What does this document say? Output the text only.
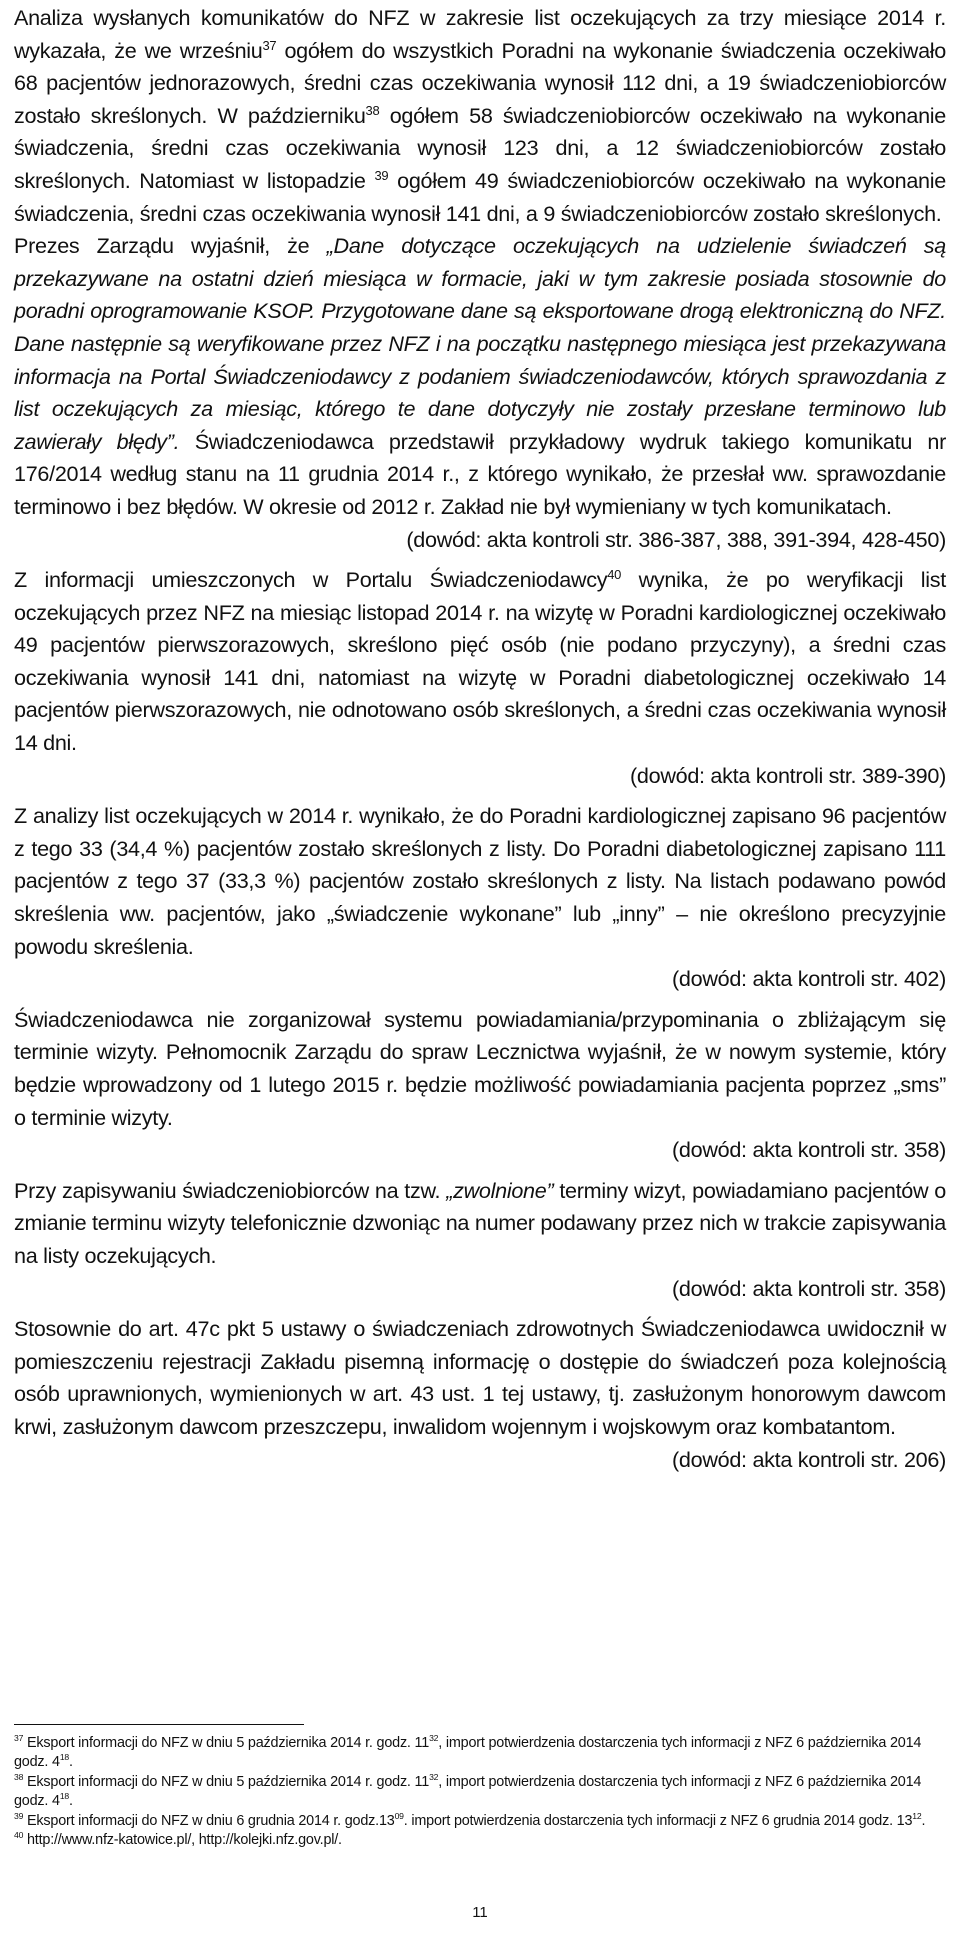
Analiza wysłanych komunikatów do NFZ w zakresie list oczekujących za trzy miesiące 2014 r. wykazała, że we wrześniu$^{37}$ ogółem do wszystkich Poradni na wykonanie świadczenia oczekiwało 68 pacjentów jednorazowych, średni czas oczekiwania wynosił 112 dni, a 19 świadczeniobiorców zostało skreślonych. W październiku$^{38}$ ogółem 58 świadczeniobiorców oczekiwało na wykonanie świadczenia, średni czas oczekiwania wynosił 123 dni, a 12 świadczeniobiorców zostało skreślonych. Natomiast w listopadzie $^{39}$ ogółem 49 świadczeniobiorców oczekiwało na wykonanie świadczenia, średni czas oczekiwania wynosił 141 dni, a 9 świadczeniobiorców zostało skreślonych.

Prezes Zarządu wyjaśnił, że „Dane dotyczące oczekujących na udzielenie świadczeń są przekazywane na ostatni dzień miesiąca w formacie, jaki w tym zakresie posiada stosownie do poradni oprogramowanie KSOP. Przygotowane dane są eksportowane drogą elektroniczną do NFZ. Dane następnie są weryfikowane przez NFZ i na początku następnego miesiąca jest przekazywana informacja na Portal Świadczeniodawcy z podaniem świadczeniodawców, których sprawozdania z list oczekujących za miesiąc, którego te dane dotyczyły nie zostały przesłane terminowo lub zawierały błędy”. Świadczeniodawca przedstawił przykładowy wydruk takiego komunikatu nr 176/2014 według stanu na 11 grudnia 2014 r., z którego wynikało, że przesłał ww. sprawozdanie terminowo i bez błędów. W okresie od 2012 r. Zakład nie był wymieniany w tych komunikatach.

(dowód: akta kontroli str. 386-387, 388, 391-394, 428-450)

Z informacji umieszczonych w Portalu Świadczeniodawcy$^{40}$ wynika, że po weryfikacji list oczekujących przez NFZ na miesiąc listopad 2014 r. na wizytę w Poradni kardiologicznej oczekiwało 49 pacjentów pierwszorazowych, skreślono pięć osób (nie podano przyczyny), a średni czas oczekiwania wynosił 141 dni, natomiast na wizytę w Poradni diabetologicznej oczekiwało 14 pacjentów pierwszorazowych, nie odnotowano osób skreślonych, a średni czas oczekiwania wynosił 14 dni.

(dowód: akta kontroli str. 389-390)

Z analizy list oczekujących w 2014 r. wynikało, że do Poradni kardiologicznej zapisano 96 pacjentów z tego 33 (34,4 %) pacjentów zostało skreślonych z listy. Do Poradni diabetologicznej zapisano 111 pacjentów z tego 37 (33,3 %) pacjentów zostało skreślonych z listy. Na listach podawano powód skreślenia ww. pacjentów, jako „świadczenie wykonane” lub „inny” – nie określono precyzyjnie powodu skreślenia.

(dowód: akta kontroli str. 402)

Świadczeniodawca nie zorganizował systemu powiadamiania/przypominania o zbliżającym się terminie wizyty. Pełnomocnik Zarządu do spraw Lecznictwa wyjaśnił, że w nowym systemie, który będzie wprowadzony od 1 lutego 2015 r. będzie możliwość powiadamiania pacjenta poprzez „sms” o terminie wizyty.

(dowód: akta kontroli str. 358)

Przy zapisywaniu świadczeniobiorców na tzw. „zwolnione” terminy wizyt, powiadamiano pacjentów o zmianie terminu wizyty telefonicznie dzwoniąc na numer podawany przez nich w trakcie zapisywania na listy oczekujących.

(dowód: akta kontroli str. 358)

Stosownie do art. 47c pkt 5 ustawy o świadczeniach zdrowotnych Świadczeniodawca uwidocznił w pomieszczeniu rejestracji Zakładu pisemną informację o dostępie do świadczeń poza kolejnością osób uprawnionych, wymienionych w art. 43 ust. 1 tej ustawy, tj. zasłużonym honorowym dawcom krwi, zasłużonym dawcom przeszczepu, inwalidom wojennym i wojskowym oraz kombatantom.

(dowód: akta kontroli str. 206)

$^{37}$ Eksport informacji do NFZ w dniu 5 października 2014 r. godz. $11^{32}$, import potwierdzenia dostarczenia tych informacji z NFZ 6 października 2014 godz. $4^{18}$.

$^{38}$ Eksport informacji do NFZ w dniu 5 października 2014 r. godz. $11^{32}$, import potwierdzenia dostarczenia tych informacji z NFZ 6 października 2014 godz. $4^{18}$.

$^{39}$ Eksport informacji do NFZ w dniu 6 grudnia 2014 r. $godz.13^{09}$. import potwierdzenia dostarczenia tych informacji z NFZ 6 grudnia 2014 godz. $13^{12}$.

$^{40}$ http://www.nfz-katowice.pl/, http://kolejki.nfz.gov.pl/.

11
